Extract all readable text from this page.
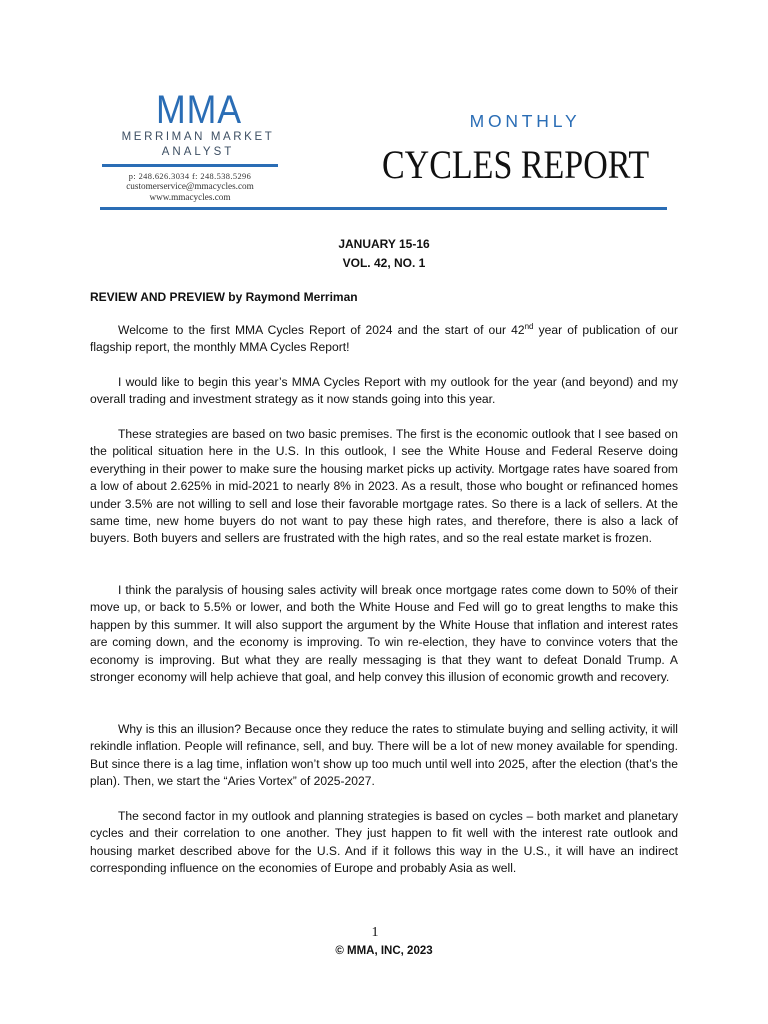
MMA
MERRIMAN MARKET
ANALYST
p: 248.626.3034 f: 248.538.5296
customerservice@mmacycles.com
www.mmacycles.com
MONTHLY
CYCLES REPORT
JANUARY 15-16
VOL. 42, NO. 1
REVIEW AND PREVIEW by Raymond Merriman

Welcome to the first MMA Cycles Report of 2024 and the start of our 42nd year of publication of our flagship report, the monthly MMA Cycles Report!

I would like to begin this year’s MMA Cycles Report with my outlook for the year (and beyond) and my overall trading and investment strategy as it now stands going into this year.

These strategies are based on two basic premises. The first is the economic outlook that I see based on the political situation here in the U.S. In this outlook, I see the White House and Federal Reserve doing everything in their power to make sure the housing market picks up activity. Mortgage rates have soared from a low of about 2.625% in mid-2021 to nearly 8% in 2023. As a result, those who bought or refinanced homes under 3.5% are not willing to sell and lose their favorable mortgage rates. So there is a lack of sellers. At the same time, new home buyers do not want to pay these high rates, and therefore, there is also a lack of buyers. Both buyers and sellers are frustrated with the high rates, and so the real estate market is frozen.

I think the paralysis of housing sales activity will break once mortgage rates come down to 50% of their move up, or back to 5.5% or lower, and both the White House and Fed will go to great lengths to make this happen by this summer. It will also support the argument by the White House that inflation and interest rates are coming down, and the economy is improving. To win re-election, they have to convince voters that the economy is improving. But what they are really messaging is that they want to defeat Donald Trump. A stronger economy will help achieve that goal, and help convey this illusion of economic growth and recovery.

Why is this an illusion? Because once they reduce the rates to stimulate buying and selling activity, it will rekindle inflation. People will refinance, sell, and buy. There will be a lot of new money available for spending. But since there is a lag time, inflation won’t show up too much until well into 2025, after the election (that’s the plan). Then, we start the “Aries Vortex” of 2025-2027.

The second factor in my outlook and planning strategies is based on cycles – both market and planetary cycles and their correlation to one another. They just happen to fit well with the interest rate outlook and housing market described above for the U.S. And if it follows this way in the U.S., it will have an indirect corresponding influence on the economies of Europe and probably Asia as well.

1
© MMA, INC, 2023
